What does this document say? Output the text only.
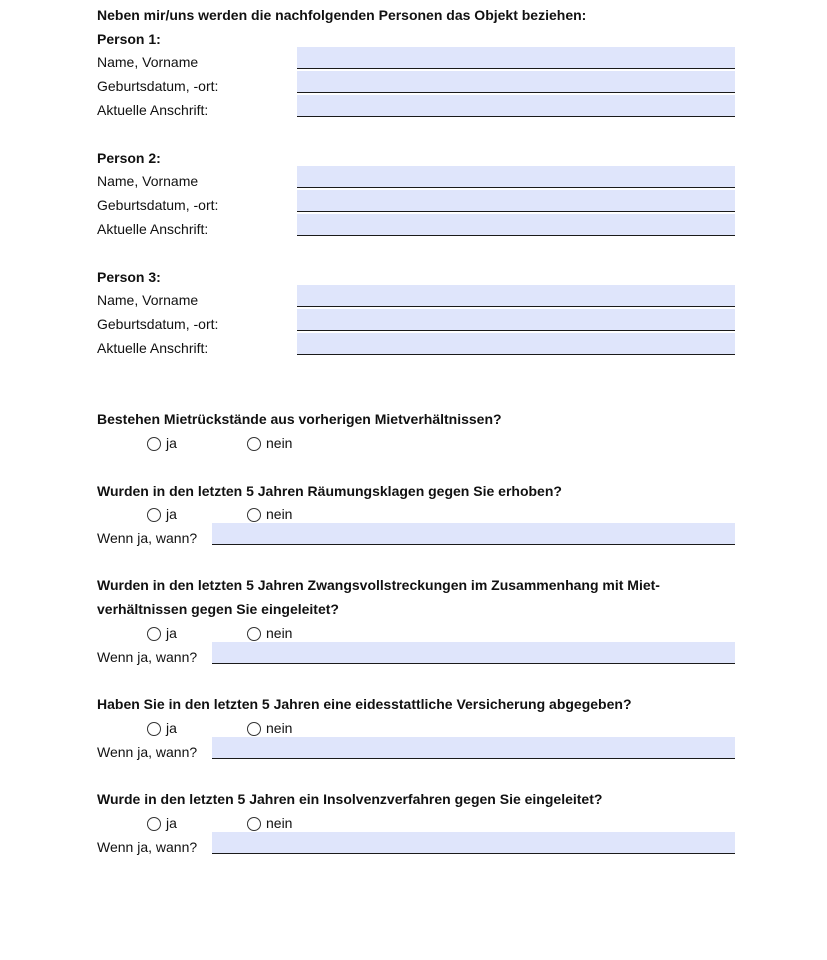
Neben mir/uns werden die nachfolgenden Personen das Objekt beziehen:
Person 1:
Name, Vorname
Geburtsdatum, -ort:
Aktuelle Anschrift:
Person 2:
Name, Vorname
Geburtsdatum, -ort:
Aktuelle Anschrift:
Person 3:
Name, Vorname
Geburtsdatum, -ort:
Aktuelle Anschrift:
Bestehen Mietrückstände aus vorherigen Mietverhältnissen?
ja	nein
Wurden in den letzten 5 Jahren Räumungsklagen gegen Sie erhoben?
ja	nein
Wenn ja, wann?
Wurden in den letzten 5 Jahren Zwangsvollstreckungen im Zusammenhang mit Miet-
verhältnissen gegen Sie eingeleitet?
ja	nein
Wenn ja, wann?
Haben Sie in den letzten 5 Jahren eine eidesstattliche Versicherung abgegeben?
ja	nein
Wenn ja, wann?
Wurde in den letzten 5 Jahren ein Insolvenzverfahren gegen Sie eingeleitet?
ja	nein
Wenn ja, wann?
